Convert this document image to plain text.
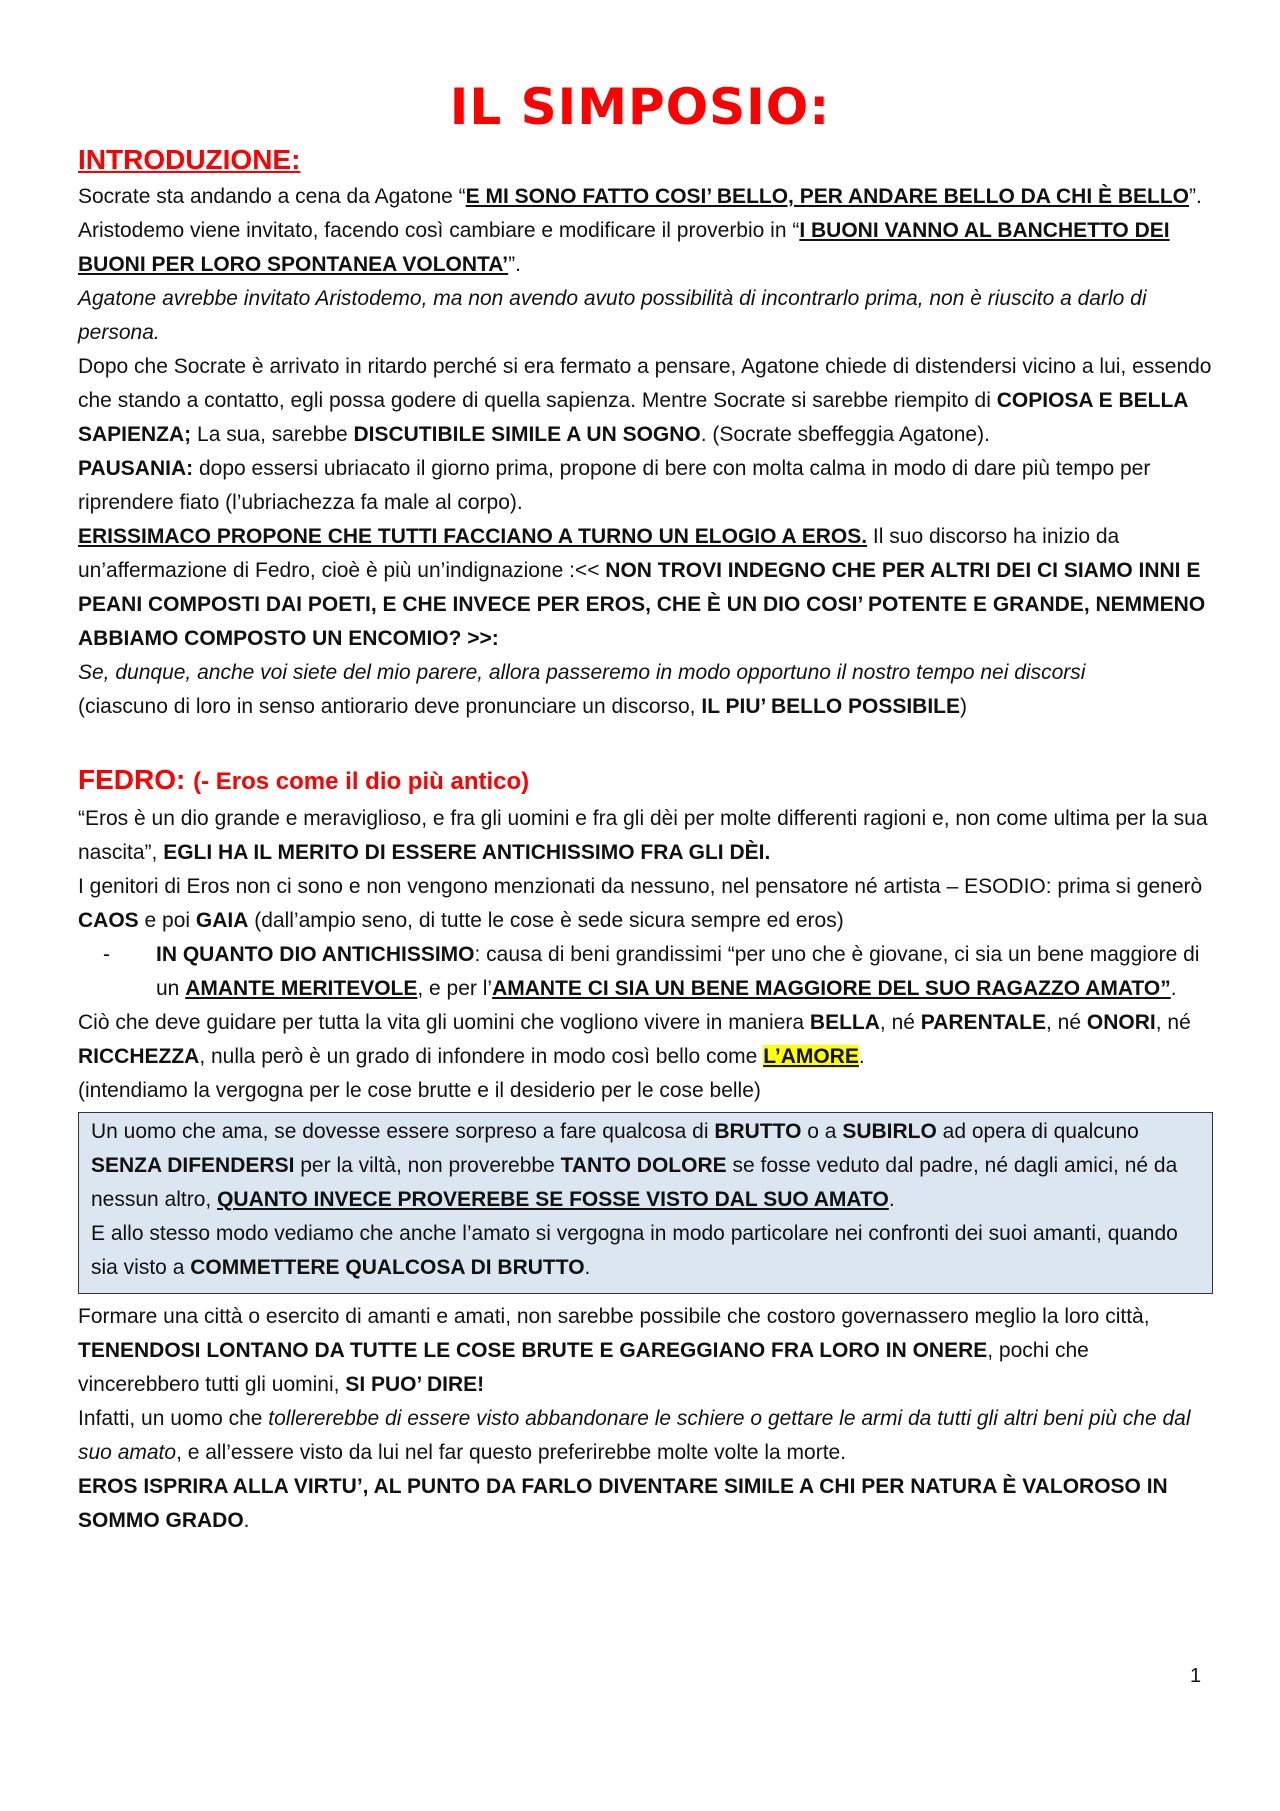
IL SIMPOSIO:

INTRODUZIONE:

Socrate sta andando a cena da Agatone “E MI SONO FATTO COSI’ BELLO, PER ANDARE BELLO DA CHI È BELLO”.

Aristodemo viene invitato, facendo così cambiare e modificare il proverbio in “I BUONI VANNO AL BANCHETTO DEI BUONI PER LORO SPONTANEA VOLONTA’”.

Agatone avrebbe invitato Aristodemo, ma non avendo avuto possibilità di incontrarlo prima, non è riuscito a darlo di persona.

Dopo che Socrate è arrivato in ritardo perché si era fermato a pensare, Agatone chiede di distendersi vicino a lui, essendo che stando a contatto, egli possa godere di quella sapienza. Mentre Socrate si sarebbe riempito di COPIOSA E BELLA SAPIENZA; La sua, sarebbe DISCUTIBILE SIMILE A UN SOGNO. (Socrate sbeffeggia Agatone).

PAUSANIA: dopo essersi ubriacato il giorno prima, propone di bere con molta calma in modo di dare più tempo per riprendere fiato (l’ubriachezza fa male al corpo).

ERISSIMACO PROPONE CHE TUTTI FACCIANO A TURNO UN ELOGIO A EROS. Il suo discorso ha inizio da un’affermazione di Fedro, cioè è più un’indignazione :<< NON TROVI INDEGNO CHE PER ALTRI DEI CI SIAMO INNI E PEANI COMPOSTI DAI POETI, E CHE INVECE PER EROS, CHE È UN DIO COSI’ POTENTE E GRANDE, NEMMENO ABBIAMO COMPOSTO UN ENCOMIO? >>:

Se, dunque, anche voi siete del mio parere, allora passeremo in modo opportuno il nostro tempo nei discorsi

(ciascuno di loro in senso antiorario deve pronunciare un discorso, IL PIU’ BELLO POSSIBILE)

FEDRO: (- Eros come il dio più antico)

“Eros è un dio grande e meraviglioso, e fra gli uomini e fra gli dèi per molte differenti ragioni e, non come ultima per la sua nascita”, EGLI HA IL MERITO DI ESSERE ANTICHISSIMO FRA GLI DÈI.

I genitori di Eros non ci sono e non vengono menzionati da nessuno, nel pensatore né artista – ESODIO: prima si generò CAOS e poi GAIA (dall’ampio seno, di tutte le cose è sede sicura sempre ed eros)

- IN QUANTO DIO ANTICHISSIMO: causa di beni grandissimi “per uno che è giovane, ci sia un bene maggiore di un AMANTE MERITEVOLE, e per l’AMANTE CI SIA UN BENE MAGGIORE DEL SUO RAGAZZO AMATO”.

Ciò che deve guidare per tutta la vita gli uomini che vogliono vivere in maniera BELLA, né PARENTALE, né ONORI, né RICCHEZZA, nulla però è un grado di infondere in modo così bello come L’AMORE.

(intendiamo la vergogna per le cose brutte e il desiderio per le cose belle)

Un uomo che ama, se dovesse essere sorpreso a fare qualcosa di BRUTTO o a SUBIRLO ad opera di qualcuno SENZA DIFENDERSI per la viltà, non proverebbe TANTO DOLORE se fosse veduto dal padre, né dagli amici, né da nessun altro, QUANTO INVECE PROVEREBE SE FOSSE VISTO DAL SUO AMATO.

E allo stesso modo vediamo che anche l’amato si vergogna in modo particolare nei confronti dei suoi amanti, quando sia visto a COMMETTERE QUALCOSA DI BRUTTO.

Formare una città o esercito di amanti e amati, non sarebbe possibile che costoro governassero meglio la loro città, TENENDOSI LONTANO DA TUTTE LE COSE BRUTE E GAREGGIANO FRA LORO IN ONERE, pochi che vincerebbero tutti gli uomini, SI PUO’ DIRE!

Infatti, un uomo che tollererebbe di essere visto abbandonare le schiere o gettare le armi da tutti gli altri beni più che dal suo amato, e all’essere visto da lui nel far questo preferirebbe molte volte la morte.

EROS ISPRIRA ALLA VIRTU’, AL PUNTO DA FARLO DIVENTARE SIMILE A CHI PER NATURA È VALOROSO IN SOMMO GRADO.

1
